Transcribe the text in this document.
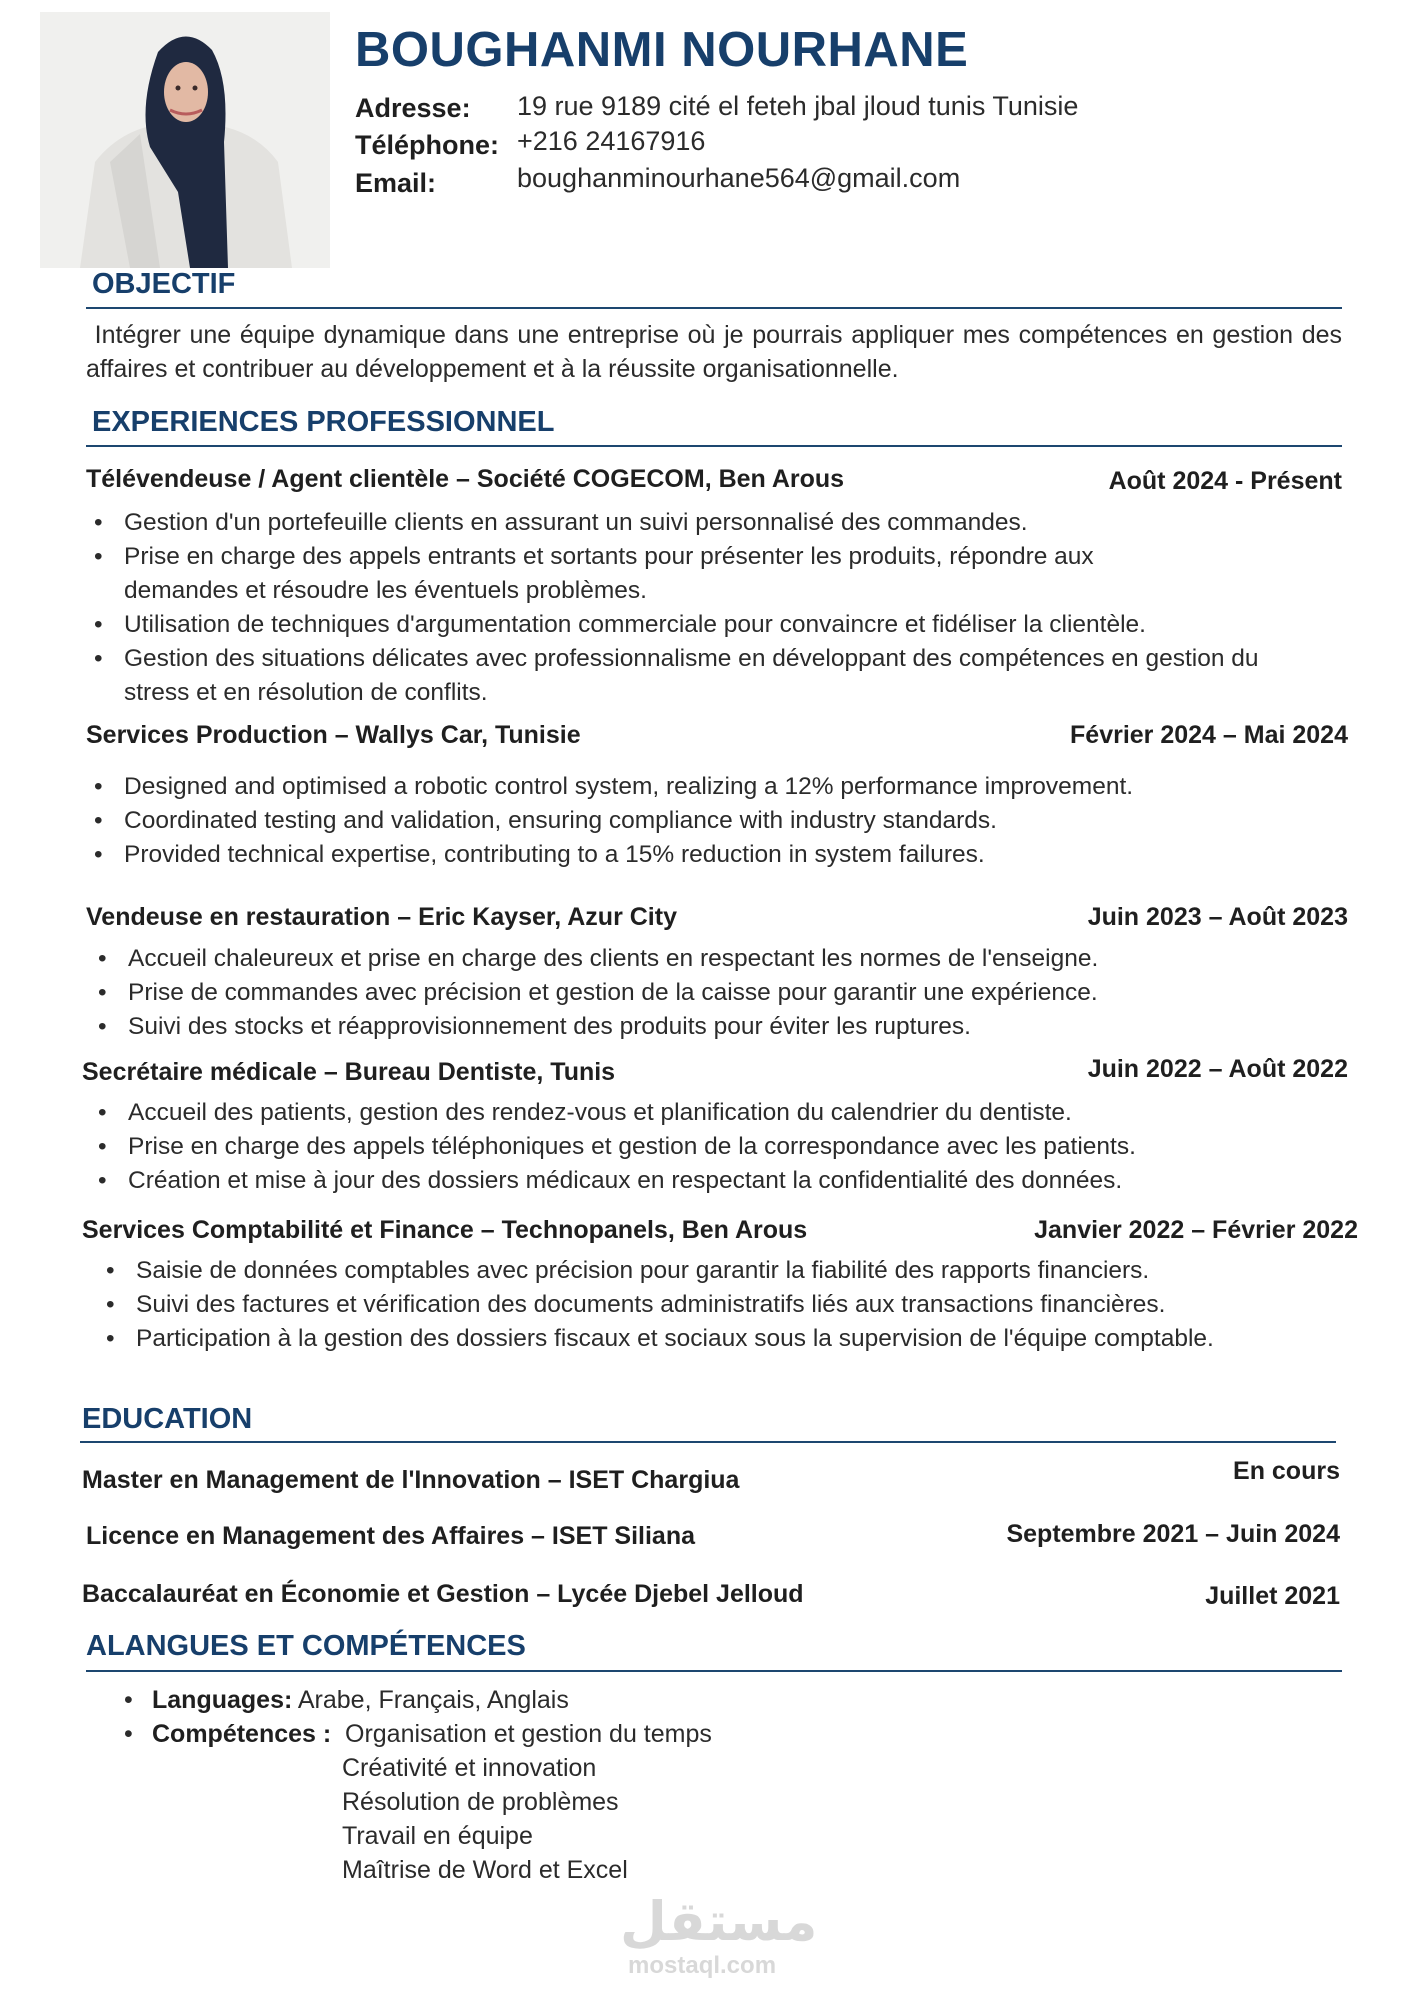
BOUGHANMI NOURHANE
Adresse: 19 rue 9189 cité el feteh jbal jloud tunis Tunisie
Téléphone: +216 24167916
Email:	boughanminourhane564@gmail.com
OBJECTIF
Intégrer une équipe dynamique dans une entreprise où je pourrais appliquer mes compétences en gestion des affaires et contribuer au développement et à la réussite organisationnelle.
EXPERIENCES PROFESSIONNEL
Télévendeuse / Agent clientèle – Société COGECOM, Ben Arous	Août 2024 - Présent
• Gestion d'un portefeuille clients en assurant un suivi personnalisé des commandes.
• Prise en charge des appels entrants et sortants pour présenter les produits, répondre aux demandes et résoudre les éventuels problèmes.
• Utilisation de techniques d'argumentation commerciale pour convaincre et fidéliser la clientèle.
• Gestion des situations délicates avec professionnalisme en développant des compétences en gestion du stress et en résolution de conflits.
Services Production – Wallys Car, Tunisie	Février 2024 – Mai 2024
• Designed and optimised a robotic control system, realizing a 12% performance improvement.
• Coordinated testing and validation, ensuring compliance with industry standards.
• Provided technical expertise, contributing to a 15% reduction in system failures.
Vendeuse en restauration – Eric Kayser, Azur City	Juin 2023 – Août 2023
• Accueil chaleureux et prise en charge des clients en respectant les normes de l'enseigne.
• Prise de commandes avec précision et gestion de la caisse pour garantir une expérience.
• Suivi des stocks et réapprovisionnement des produits pour éviter les ruptures.
Secrétaire médicale – Bureau Dentiste, Tunis	Juin 2022 – Août 2022
• Accueil des patients, gestion des rendez-vous et planification du calendrier du dentiste.
• Prise en charge des appels téléphoniques et gestion de la correspondance avec les patients.
• Création et mise à jour des dossiers médicaux en respectant la confidentialité des données.
Services Comptabilité et Finance – Technopanels, Ben Arous	Janvier 2022 – Février 2022
• Saisie de données comptables avec précision pour garantir la fiabilité des rapports financiers.
• Suivi des factures et vérification des documents administratifs liés aux transactions financières.
• Participation à la gestion des dossiers fiscaux et sociaux sous la supervision de l'équipe comptable.
EDUCATION
Master en Management de l'Innovation – ISET Chargiua	En cours
Licence en Management des Affaires – ISET Siliana	Septembre 2021 – Juin 2024
Baccalauréat en Économie et Gestion – Lycée Djebel Jelloud	Juillet 2021
ALANGUES ET COMPÉTENCES
• Languages: Arabe, Français, Anglais
• Compétences : Organisation et gestion du temps
Créativité et innovation
Résolution de problèmes
Travail en équipe
Maîtrise de Word et Excel
مستقل
mostaql.com
